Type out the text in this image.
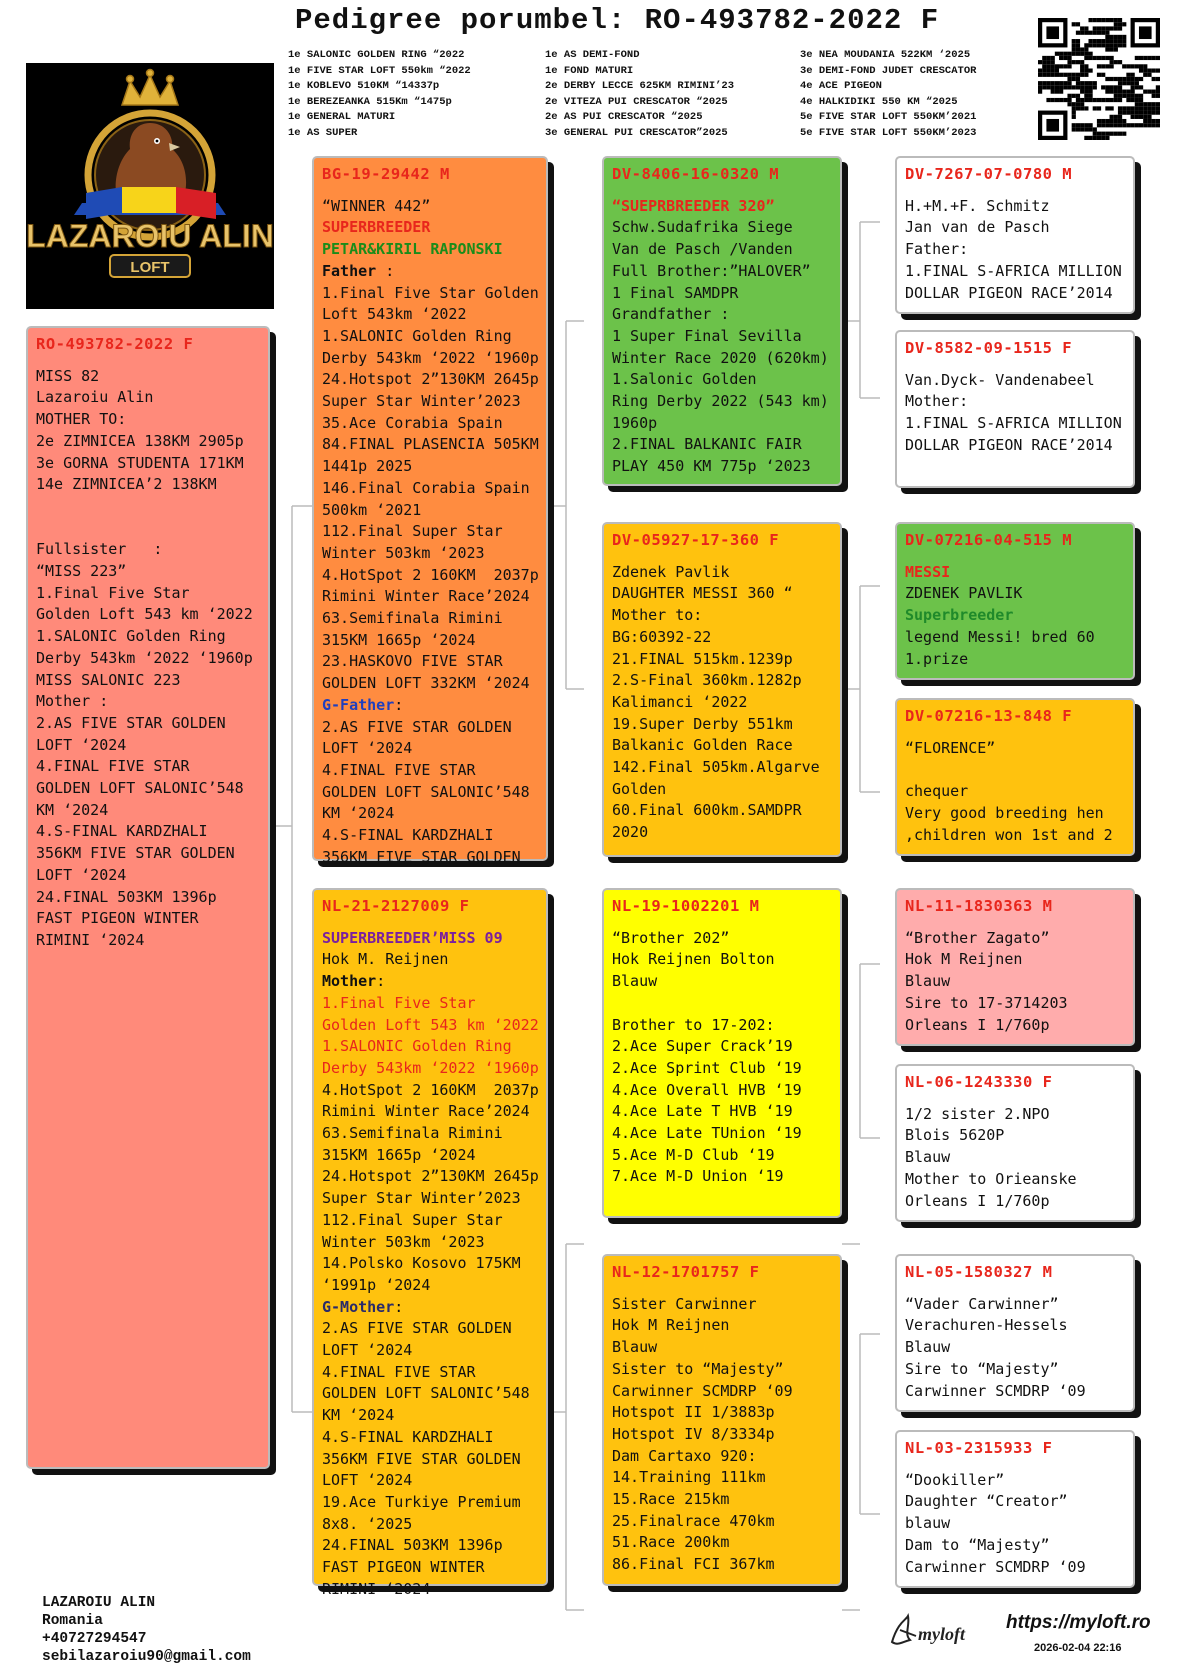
Pedigree porumbel: RO-493782-2022 F
1e SALONIC GOLDEN RING “2022
1e FIVE STAR LOFT 550km “2022
1e KOBLEVO 510KM “14337p
1e BEREZEANKA 515Km “1475p
1e GENERAL MATURI
1e AS SUPER
1e AS DEMI-FOND
1e FOND MATURI
2e DERBY LECCE 625KM RIMINI’23
2e VITEZA PUI CRESCATOR “2025
2e AS PUI CRESCATOR “2025
3e GENERAL PUI CRESCATOR”2025
3e NEA MOUDANIA 522KM ‘2025
3e DEMI-FOND JUDET CRESCATOR
4e ACE PIGEON
4e HALKIDIKI 550 KM “2025
5e FIVE STAR LOFT 550KM’2021
5e FIVE STAR LOFT 550KM’2023
LAZAROIU ALIN
LOFT
RO-493782-2022 F
MISS 82
Lazaroiu Alin
MOTHER TO:
2e ZIMNICEA 138KM 2905p
3e GORNA STUDENTA 171KM
14e ZIMNICEA’2 138KM

Fullsister   :
“MISS 223”
1.Final Five Star
Golden Loft 543 km ‘2022
1.SALONIC Golden Ring
Derby 543km ‘2022 ‘1960p
MISS SALONIC 223
Mother :
2.AS FIVE STAR GOLDEN
LOFT ‘2024
4.FINAL FIVE STAR
GOLDEN LOFT SALONIC’548
KM ‘2024
4.S-FINAL KARDZHALI
356KM FIVE STAR GOLDEN
LOFT ‘2024
24.FINAL 503KM 1396p
FAST PIGEON WINTER
RIMINI ‘2024
BG-19-29442 M
“WINNER 442”
SUPERBREEDER
PETAR&KIRIL RAPONSKI
Father :
1.Final Five Star Golden
Loft 543km ‘2022
1.SALONIC Golden Ring
Derby 543km ‘2022 ‘1960p
24.Hotspot 2”130KM 2645p
Super Star Winter’2023
35.Ace Corabia Spain
84.FINAL PLASENCIA 505KM
1441p 2025
146.Final Corabia Spain
500km ‘2021
112.Final Super Star
Winter 503km ‘2023
4.HotSpot 2 160KM  2037p
Rimini Winter Race’2024
63.Semifinala Rimini
315KM 1665p ‘2024
23.HASKOVO FIVE STAR
GOLDEN LOFT 332KM ‘2024
G-Father:
2.AS FIVE STAR GOLDEN
LOFT ‘2024
4.FINAL FIVE STAR
GOLDEN LOFT SALONIC’548
KM ‘2024
4.S-FINAL KARDZHALI
356KM FIVE STAR GOLDEN
NL-21-2127009 F
SUPERBREEDER’MISS 09
Hok M. Reijnen
Mother:
1.Final Five Star
Golden Loft 543 km ‘2022
1.SALONIC Golden Ring
Derby 543km ‘2022 ‘1960p
4.HotSpot 2 160KM  2037p
Rimini Winter Race’2024
63.Semifinala Rimini
315KM 1665p ‘2024
24.Hotspot 2”130KM 2645p
Super Star Winter’2023
112.Final Super Star
Winter 503km ‘2023
14.Polsko Kosovo 175KM
‘1991p ‘2024
G-Mother:
2.AS FIVE STAR GOLDEN
LOFT ‘2024
4.FINAL FIVE STAR
GOLDEN LOFT SALONIC’548
KM ‘2024
4.S-FINAL KARDZHALI
356KM FIVE STAR GOLDEN
LOFT ‘2024
19.Ace Turkiye Premium
8x8. ‘2025
24.FINAL 503KM 1396p
FAST PIGEON WINTER
RIMINI ‘2024
DV-8406-16-0320 M
“SUEPRBREEDER 320”
Schw.Sudafrika Siege
Van de Pasch /Vanden
Full Brother:”HALOVER”
1 Final SAMDPR
Grandfather :
1 Super Final Sevilla
Winter Race 2020 (620km)
1.Salonic Golden
Ring Derby 2022 (543 km)
1960p
2.FINAL BALKANIC FAIR
PLAY 450 KM 775p ‘2023
DV-05927-17-360 F
Zdenek Pavlik
DAUGHTER MESSI 360 “
Mother to:
BG:60392-22
21.FINAL 515km.1239p
2.S-Final 360km.1282p
Kalimanci ‘2022
19.Super Derby 551km
Balkanic Golden Race
142.Final 505km.Algarve
Golden
60.Final 600km.SAMDPR
2020
NL-19-1002201 M
“Brother 202”
Hok Reijnen Bolton
Blauw

Brother to 17-202:
2.Ace Super Crack’19
2.Ace Sprint Club ‘19
4.Ace Overall HVB ‘19
4.Ace Late T HVB ‘19
4.Ace Late TUnion ‘19
5.Ace M-D Club ‘19
7.Ace M-D Union ‘19
NL-12-1701757 F
Sister Carwinner
Hok M Reijnen
Blauw
Sister to “Majesty”
Carwinner SCMDRP ‘09
Hotspot II 1/3883p
Hotspot IV 8/3334p
Dam Cartaxo 920:
14.Training 111km
15.Race 215km
25.Finalrace 470km
51.Race 200km
86.Final FCI 367km
DV-7267-07-0780 M
H.+M.+F. Schmitz
Jan van de Pasch
Father:
1.FINAL S-AFRICA MILLION
DOLLAR PIGEON RACE’2014
DV-8582-09-1515 F
Van.Dyck- Vandenabeel
Mother:
1.FINAL S-AFRICA MILLION
DOLLAR PIGEON RACE’2014
DV-07216-04-515 M
MESSI
ZDENEK PAVLIK
Superbreeder
legend Messi! bred 60
1.prize
DV-07216-13-848 F
“FLORENCE”

chequer
Very good breeding hen
,children won 1st and 2
NL-11-1830363 M
“Brother Zagato”
Hok M Reijnen
Blauw
Sire to 17-3714203
Orleans I 1/760p
NL-06-1243330 F
1/2 sister 2.NPO
Blois 5620P
Blauw
Mother to Orieanske
Orleans I 1/760p
NL-05-1580327 M
“Vader Carwinner”
Verachuren-Hessels
Blauw
Sire to “Majesty”
Carwinner SCMDRP ‘09
NL-03-2315933 F
“Dookiller”
Daughter “Creator”
blauw
Dam to “Majesty”
Carwinner SCMDRP ‘09
LAZAROIU ALIN
Romania
+40727294547
sebilazaroiu90@gmail.com
myloft
https://myloft.ro
2026-02-04 22:16
